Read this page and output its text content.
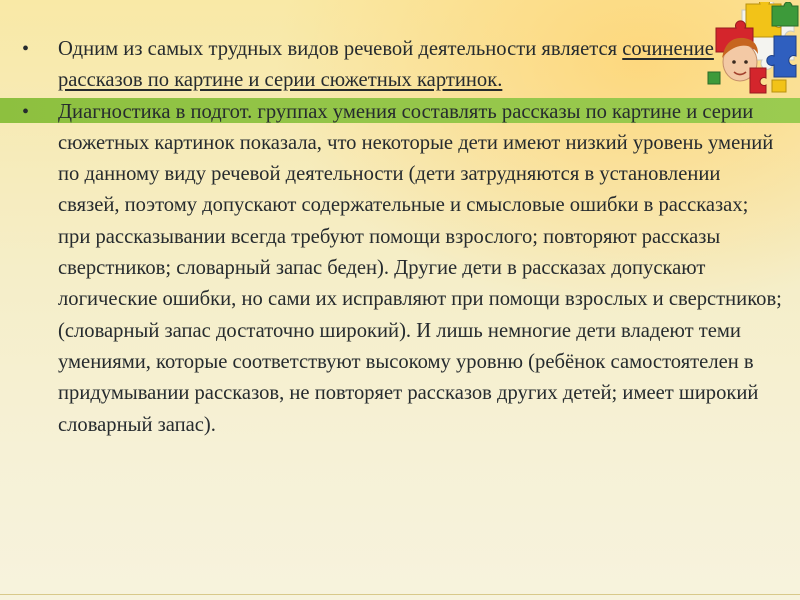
•	Одним из самых трудных видов речевой деятельности является сочинение рассказов по картине и серии сюжетных картинок.
•	Диагностика в подгот. группах умения составлять рассказы по картине и серии сюжетных картинок показала, что некоторые дети имеют низкий уровень умений по данному виду речевой деятельности (дети затрудняются в установлении связей, поэтому допускают содержательные и смысловые ошибки в рассказах; при рассказывании всегда требуют помощи взрослого; повторяют рассказы сверстников; словарный запас беден). Другие дети в рассказах допускают логические ошибки, но сами их исправляют при помощи взрослых и сверстников; (словарный запас достаточно широкий). И лишь немногие дети владеют теми умениями, которые соответствуют высокому уровню (ребёнок самостоятелен в придумывании рассказов, не повторяет рассказов других детей; имеет широкий словарный запас).
